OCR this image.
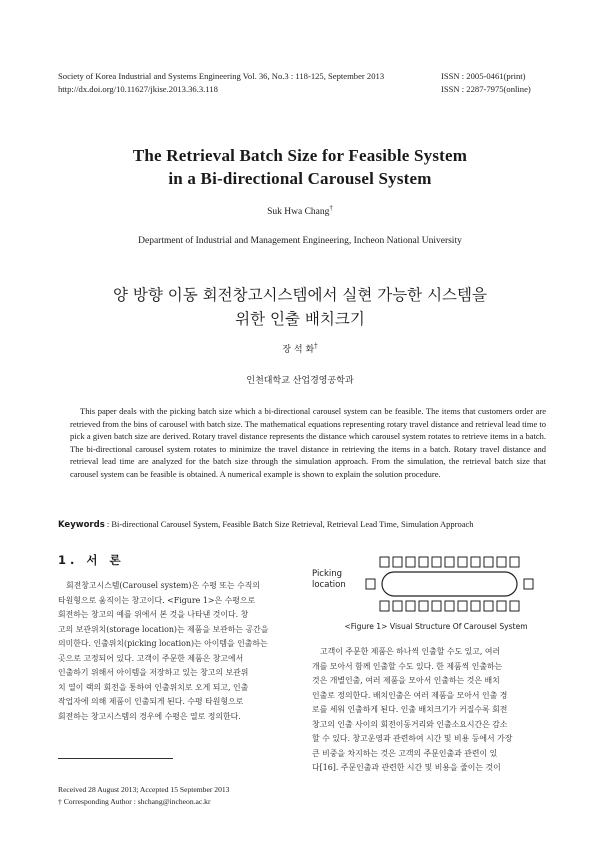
Society of Korea Industrial and Systems Engineering Vol. 36, No.3 : 118-125, September 2013
http://dx.doi.org/10.11627/jkise.2013.36.3.118
ISSN : 2005-0461(print)
ISSN : 2287-7975(online)
The Retrieval Batch Size for Feasible System
in a Bi-directional Carousel System
Suk Hwa Chang†
Department of Industrial and Management Engineering, Incheon National University
양 방향 이동 회전창고시스템에서 실현 가능한 시스템을
위한 인출 배치크기
장 석 화†
인천대학교 산업경영공학과
This paper deals with the picking batch size which a bi-directional carousel system can be feasible. The items that customers order are retrieved from the bins of carousel with batch size. The mathematical equations representing rotary travel distance and retrieval lead time to pick a given batch size are derived. Rotary travel distance represents the distance which carousel system rotates to retrieve items in a batch. The bi-directional carousel system rotates to minimize the travel distance in retrieving the items in a batch. Rotary travel distance and retrieval lead time are analyzed for the batch size through the simulation approach. From the simulation, the retrieval batch size that carousel system can be feasible is obtained. A numerical example is shown to explain the solution procedure.
Keywords : Bi-directional Carousel System, Feasible Batch Size Retrieval, Retrieval Lead Time, Simulation Approach
1. 서 론
회전창고시스템(Carousel system)은 수평 또는 수직의
타원형으로 움직이는 창고이다. <Figure 1>은 수평으로
회전하는 창고의 예를 위에서 본 것을 나타낸 것이다. 창
고의 보관위치(storage location)는 제품을 보관하는 공간을
의미한다. 인출위치(picking location)는 아이템을 인출하는
곳으로 고정되어 있다. 고객이 주문한 제품은 창고에서
인출하기 위해서 아이템을 저장하고 있는 창고의 보관위
치 열이 랙의 회전을 통하여 인출위치로 오게 되고, 인출
작업자에 의해 제품이 인출되게 된다. 수평 타원형으로
회전하는 창고시스템의 경우에 수평은 열로 정의한다.
Received 28 August 2013; Accepted 15 September 2013
† Corresponding Author : shchang@incheon.ac.kr
Picking
location
<Figure 1> Visual Structure Of Carousel System
고객이 주문한 제품은 하나씩 인출할 수도 있고, 여러
개를 모아서 함께 인출할 수도 있다. 한 제품씩 인출하는
것은 개별인출, 여러 제품을 모아서 인출하는 것은 배치
인출로 정의한다. 배치인출은 여러 제품을 모아서 인출 경
로를 세워 인출하게 된다. 인출 배치크기가 커질수록 회전
창고의 인출 사이의 회전이동거리와 인출소요시간은 감소
할 수 있다. 창고운영과 관련하여 시간 및 비용 등에서 가장
큰 비중을 차지하는 것은 고객의 주문인출과 관련이 있
다[16]. 주문인출과 관련한 시간 및 비용을 줄이는 것이
